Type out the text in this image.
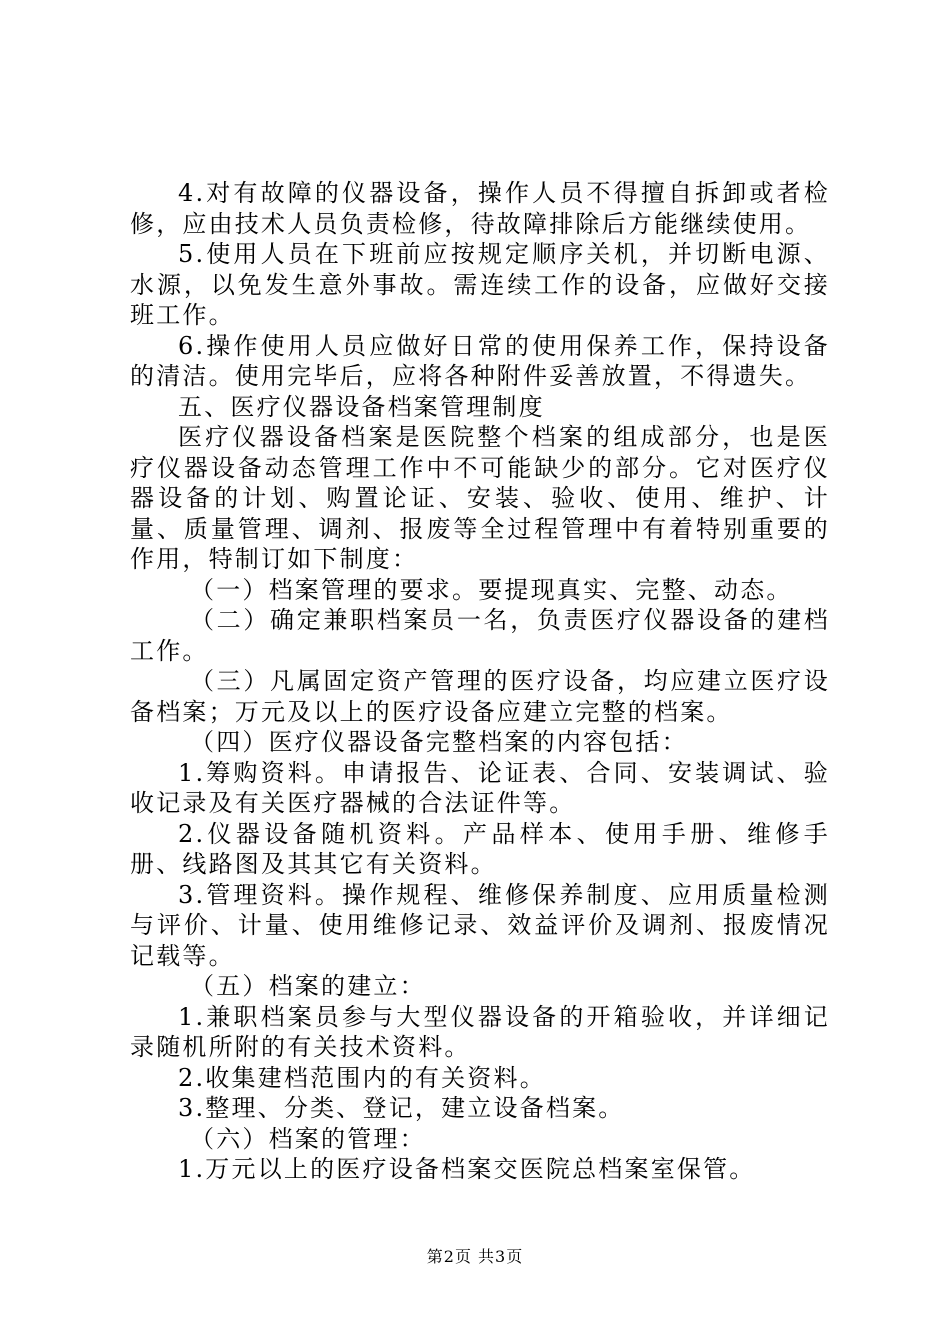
4.对有故障的仪器设备，操作人员不得擅自拆卸或者检修，应由技术人员负责检修，待故障排除后方能继续使用。

5.使用人员在下班前应按规定顺序关机，并切断电源、水源，以免发生意外事故。需连续工作的设备，应做好交接班工作。

6.操作使用人员应做好日常的使用保养工作，保持设备的清洁。使用完毕后，应将各种附件妥善放置，不得遗失。

五、医疗仪器设备档案管理制度

医疗仪器设备档案是医院整个档案的组成部分，也是医疗仪器设备动态管理工作中不可能缺少的部分。它对医疗仪器设备的计划、购置论证、安装、验收、使用、维护、计量、质量管理、调剂、报废等全过程管理中有着特别重要的作用，特制订如下制度：

（一）档案管理的要求。要提现真实、完整、动态。

（二）确定兼职档案员一名，负责医疗仪器设备的建档工作。

（三）凡属固定资产管理的医疗设备，均应建立医疗设备档案；万元及以上的医疗设备应建立完整的档案。

（四）医疗仪器设备完整档案的内容包括：

1.筹购资料。申请报告、论证表、合同、安装调试、验收记录及有关医疗器械的合法证件等。

2.仪器设备随机资料。产品样本、使用手册、维修手册、线路图及其其它有关资料。

3.管理资料。操作规程、维修保养制度、应用质量检测与评价、计量、使用维修记录、效益评价及调剂、报废情况记载等。

（五）档案的建立：

1.兼职档案员参与大型仪器设备的开箱验收，并详细记录随机所附的有关技术资料。

2.收集建档范围内的有关资料。

3.整理、分类、登记，建立设备档案。

（六）档案的管理：

1.万元以上的医疗设备档案交医院总档案室保管。

第2页 共3页
